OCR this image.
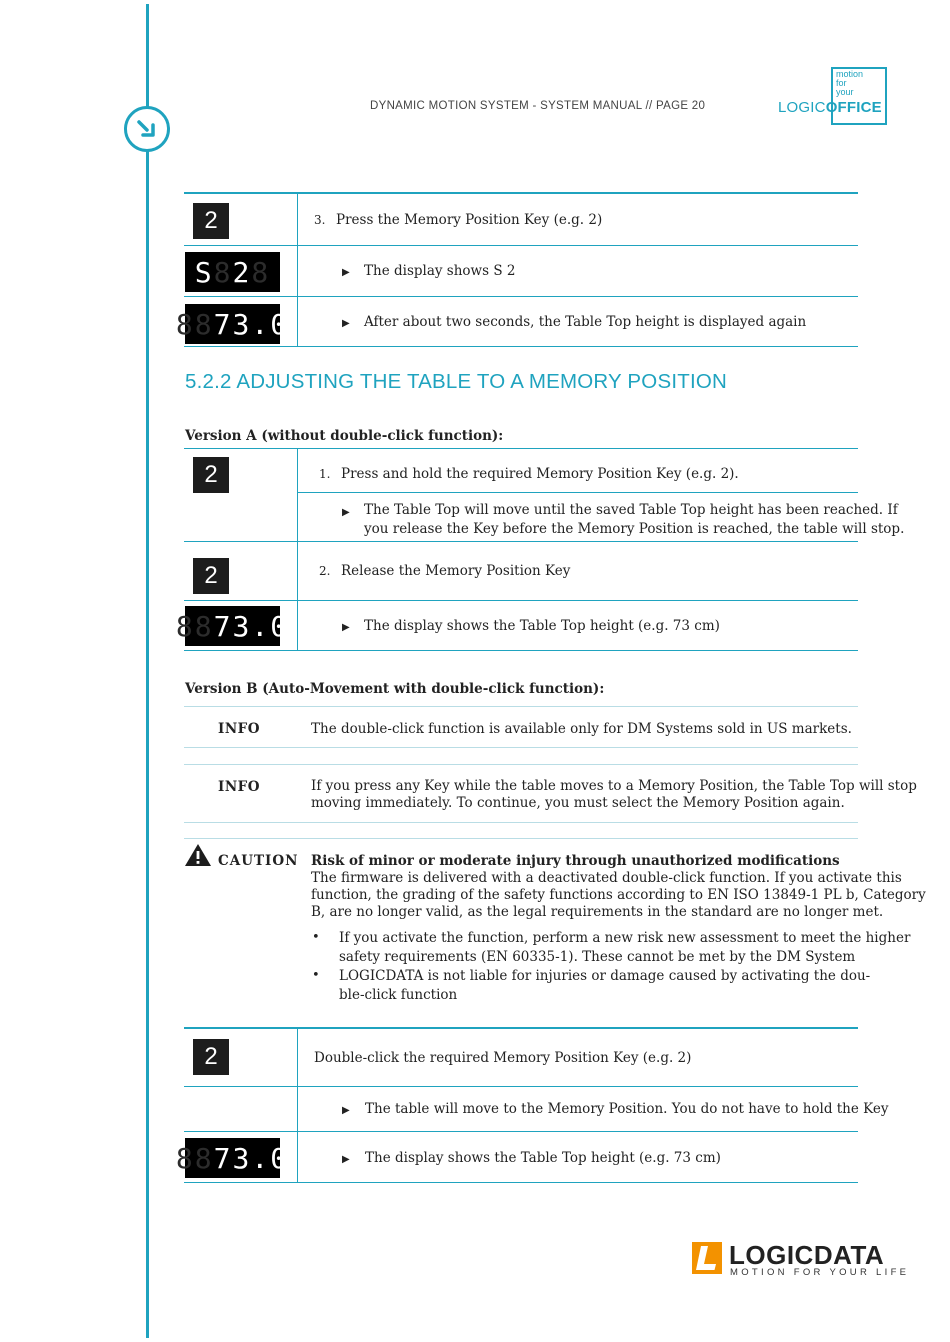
DYNAMIC MOTION SYSTEM - SYSTEM MANUAL // PAGE 20
motion
for
your
LOGICOFFICE
2	3. Press the Memory Position Key (e.g. 2)
S 8 2 8	▶ The display shows S 2
88 73.0	▶ After about two seconds, the Table Top height is displayed again
5.2.2 ADJUSTING THE TABLE TO A MEMORY POSITION
Version A (without double-click function):
2	1. Press and hold the required Memory Position Key (e.g. 2).
▶ The Table Top will move until the saved Table Top height has been reached. If
you release the Key before the Memory Position is reached, the table will stop.
2	2. Release the Memory Position Key
88 73.0	▶ The display shows the Table Top height (e.g. 73 cm)
Version B (Auto-Movement with double-click function):
INFO	The double-click function is available only for DM Systems sold in US markets.
INFO	If you press any Key while the table moves to a Memory Position, the Table Top will stop
moving immediately. To continue, you must select the Memory Position again.
CAUTION Risk of minor or moderate injury through unauthorized modifications
The firmware is delivered with a deactivated double-click function. If you activate this
function, the grading of the safety functions according to EN ISO 13849-1 PL b, Category
B, are no longer valid, as the legal requirements in the standard are no longer met.
• If you activate the function, perform a new risk new assessment to meet the higher
safety requirements (EN 60335-1). These cannot be met by the DM System
• LOGICDATA is not liable for injuries or damage caused by activating the dou-
ble-click function
2	Double-click the required Memory Position Key (e.g. 2)
▶ The table will move to the Memory Position. You do not have to hold the Key
88 73.0	▶ The display shows the Table Top height (e.g. 73 cm)
LOGICDATA
MOTION FOR YOUR LIFE
